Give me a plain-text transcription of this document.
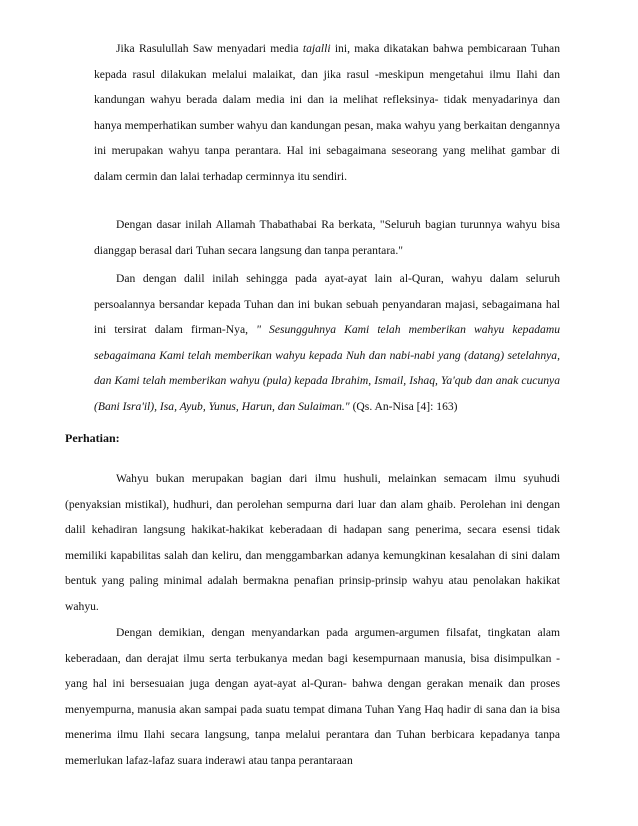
Jika Rasulullah Saw menyadari media tajalli ini, maka dikatakan bahwa pembicaraan Tuhan kepada rasul dilakukan melalui malaikat, dan jika rasul -meskipun mengetahui ilmu Ilahi dan kandungan wahyu berada dalam media ini dan ia melihat refleksinya- tidak menyadarinya dan hanya memperhatikan sumber wahyu dan kandungan pesan, maka wahyu yang berkaitan dengannya ini merupakan wahyu tanpa perantara. Hal ini sebagaimana seseorang yang melihat gambar di dalam cermin dan lalai terhadap cerminnya itu sendiri.

Dengan dasar inilah Allamah Thabathabai Ra berkata, "Seluruh bagian turunnya wahyu bisa dianggap berasal dari Tuhan secara langsung dan tanpa perantara."

Dan dengan dalil inilah sehingga pada ayat-ayat lain al-Quran, wahyu dalam seluruh persoalannya bersandar kepada Tuhan dan ini bukan sebuah penyandaran majasi, sebagaimana hal ini tersirat dalam firman-Nya, " Sesungguhnya Kami telah memberikan wahyu kepadamu sebagaimana Kami telah memberikan wahyu kepada Nuh dan nabi-nabi yang (datang) setelahnya, dan Kami telah memberikan wahyu (pula) kepada Ibrahim, Ismail, Ishaq, Ya'qub dan anak cucunya (Bani Isra'il), Isa, Ayub, Yunus, Harun, dan Sulaiman." (Qs. An-Nisa [4]: 163)

Perhatian:

Wahyu bukan merupakan bagian dari ilmu hushuli, melainkan semacam ilmu syuhudi (penyaksian mistikal), hudhuri, dan perolehan sempurna dari luar dan alam ghaib. Perolehan ini dengan dalil kehadiran langsung hakikat-hakikat keberadaan di hadapan sang penerima, secara esensi tidak memiliki kapabilitas salah dan keliru, dan menggambarkan adanya kemungkinan kesalahan di sini dalam bentuk yang paling minimal adalah bermakna penafian prinsip-prinsip wahyu atau penolakan hakikat wahyu.

Dengan demikian, dengan menyandarkan pada argumen-argumen filsafat, tingkatan alam keberadaan, dan derajat ilmu serta terbukanya medan bagi kesempurnaan manusia, bisa disimpulkan -yang hal ini bersesuaian juga dengan ayat-ayat al-Quran- bahwa dengan gerakan menaik dan proses menyempurna, manusia akan sampai pada suatu tempat dimana Tuhan Yang Haq hadir di sana dan ia bisa menerima ilmu Ilahi secara langsung, tanpa melalui perantara dan Tuhan berbicara kepadanya tanpa memerlukan lafaz-lafaz suara inderawi atau tanpa perantaraan
